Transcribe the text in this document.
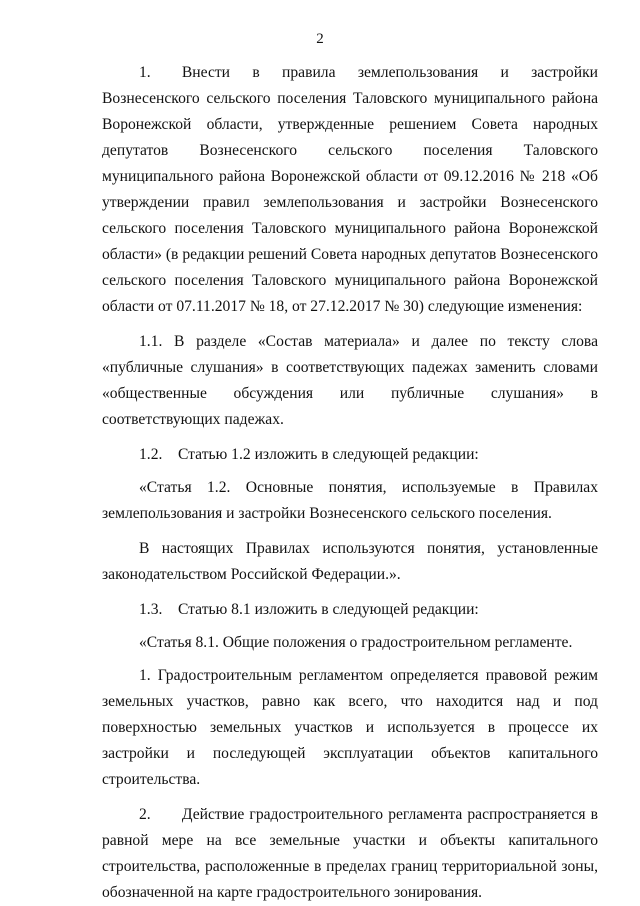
2

1.  Внести в правила землепользования и застройки Вознесенского сельского поселения Таловского муниципального района Воронежской области, утвержденные решением Совета народных депутатов Вознесенского сельского поселения Таловского муниципального района Воронежской области от 09.12.2016 № 218 «Об утверждении правил землепользования и застройки Вознесенского сельского поселения Таловского муниципального района Воронежской области» (в редакции решений Совета народных депутатов Вознесенского сельского поселения Таловского муниципального района Воронежской области от 07.11.2017 № 18, от 27.12.2017 № 30) следующие изменения:

1.1. В разделе «Состав материала» и далее по тексту слова «публичные слушания» в соответствующих падежах заменить словами «общественные обсуждения или публичные слушания» в соответствующих падежах.

1.2. Статью 1.2 изложить в следующей редакции:

«Статья 1.2. Основные понятия, используемые в Правилах землепользования и застройки Вознесенского сельского поселения.

В настоящих Правилах используются понятия, установленные законодательством Российской Федерации.».

1.3. Статью 8.1 изложить в следующей редакции:

«Статья 8.1. Общие положения о градостроительном регламенте.

1. Градостроительным регламентом определяется правовой режим земельных участков, равно как всего, что находится над и под поверхностью земельных участков и используется в процессе их застройки и последующей эксплуатации объектов капитального строительства.

2.  Действие градостроительного регламента распространяется в равной мере на все земельные участки и объекты капитального строительства, расположенные в пределах границ территориальной зоны, обозначенной на карте градостроительного зонирования.
